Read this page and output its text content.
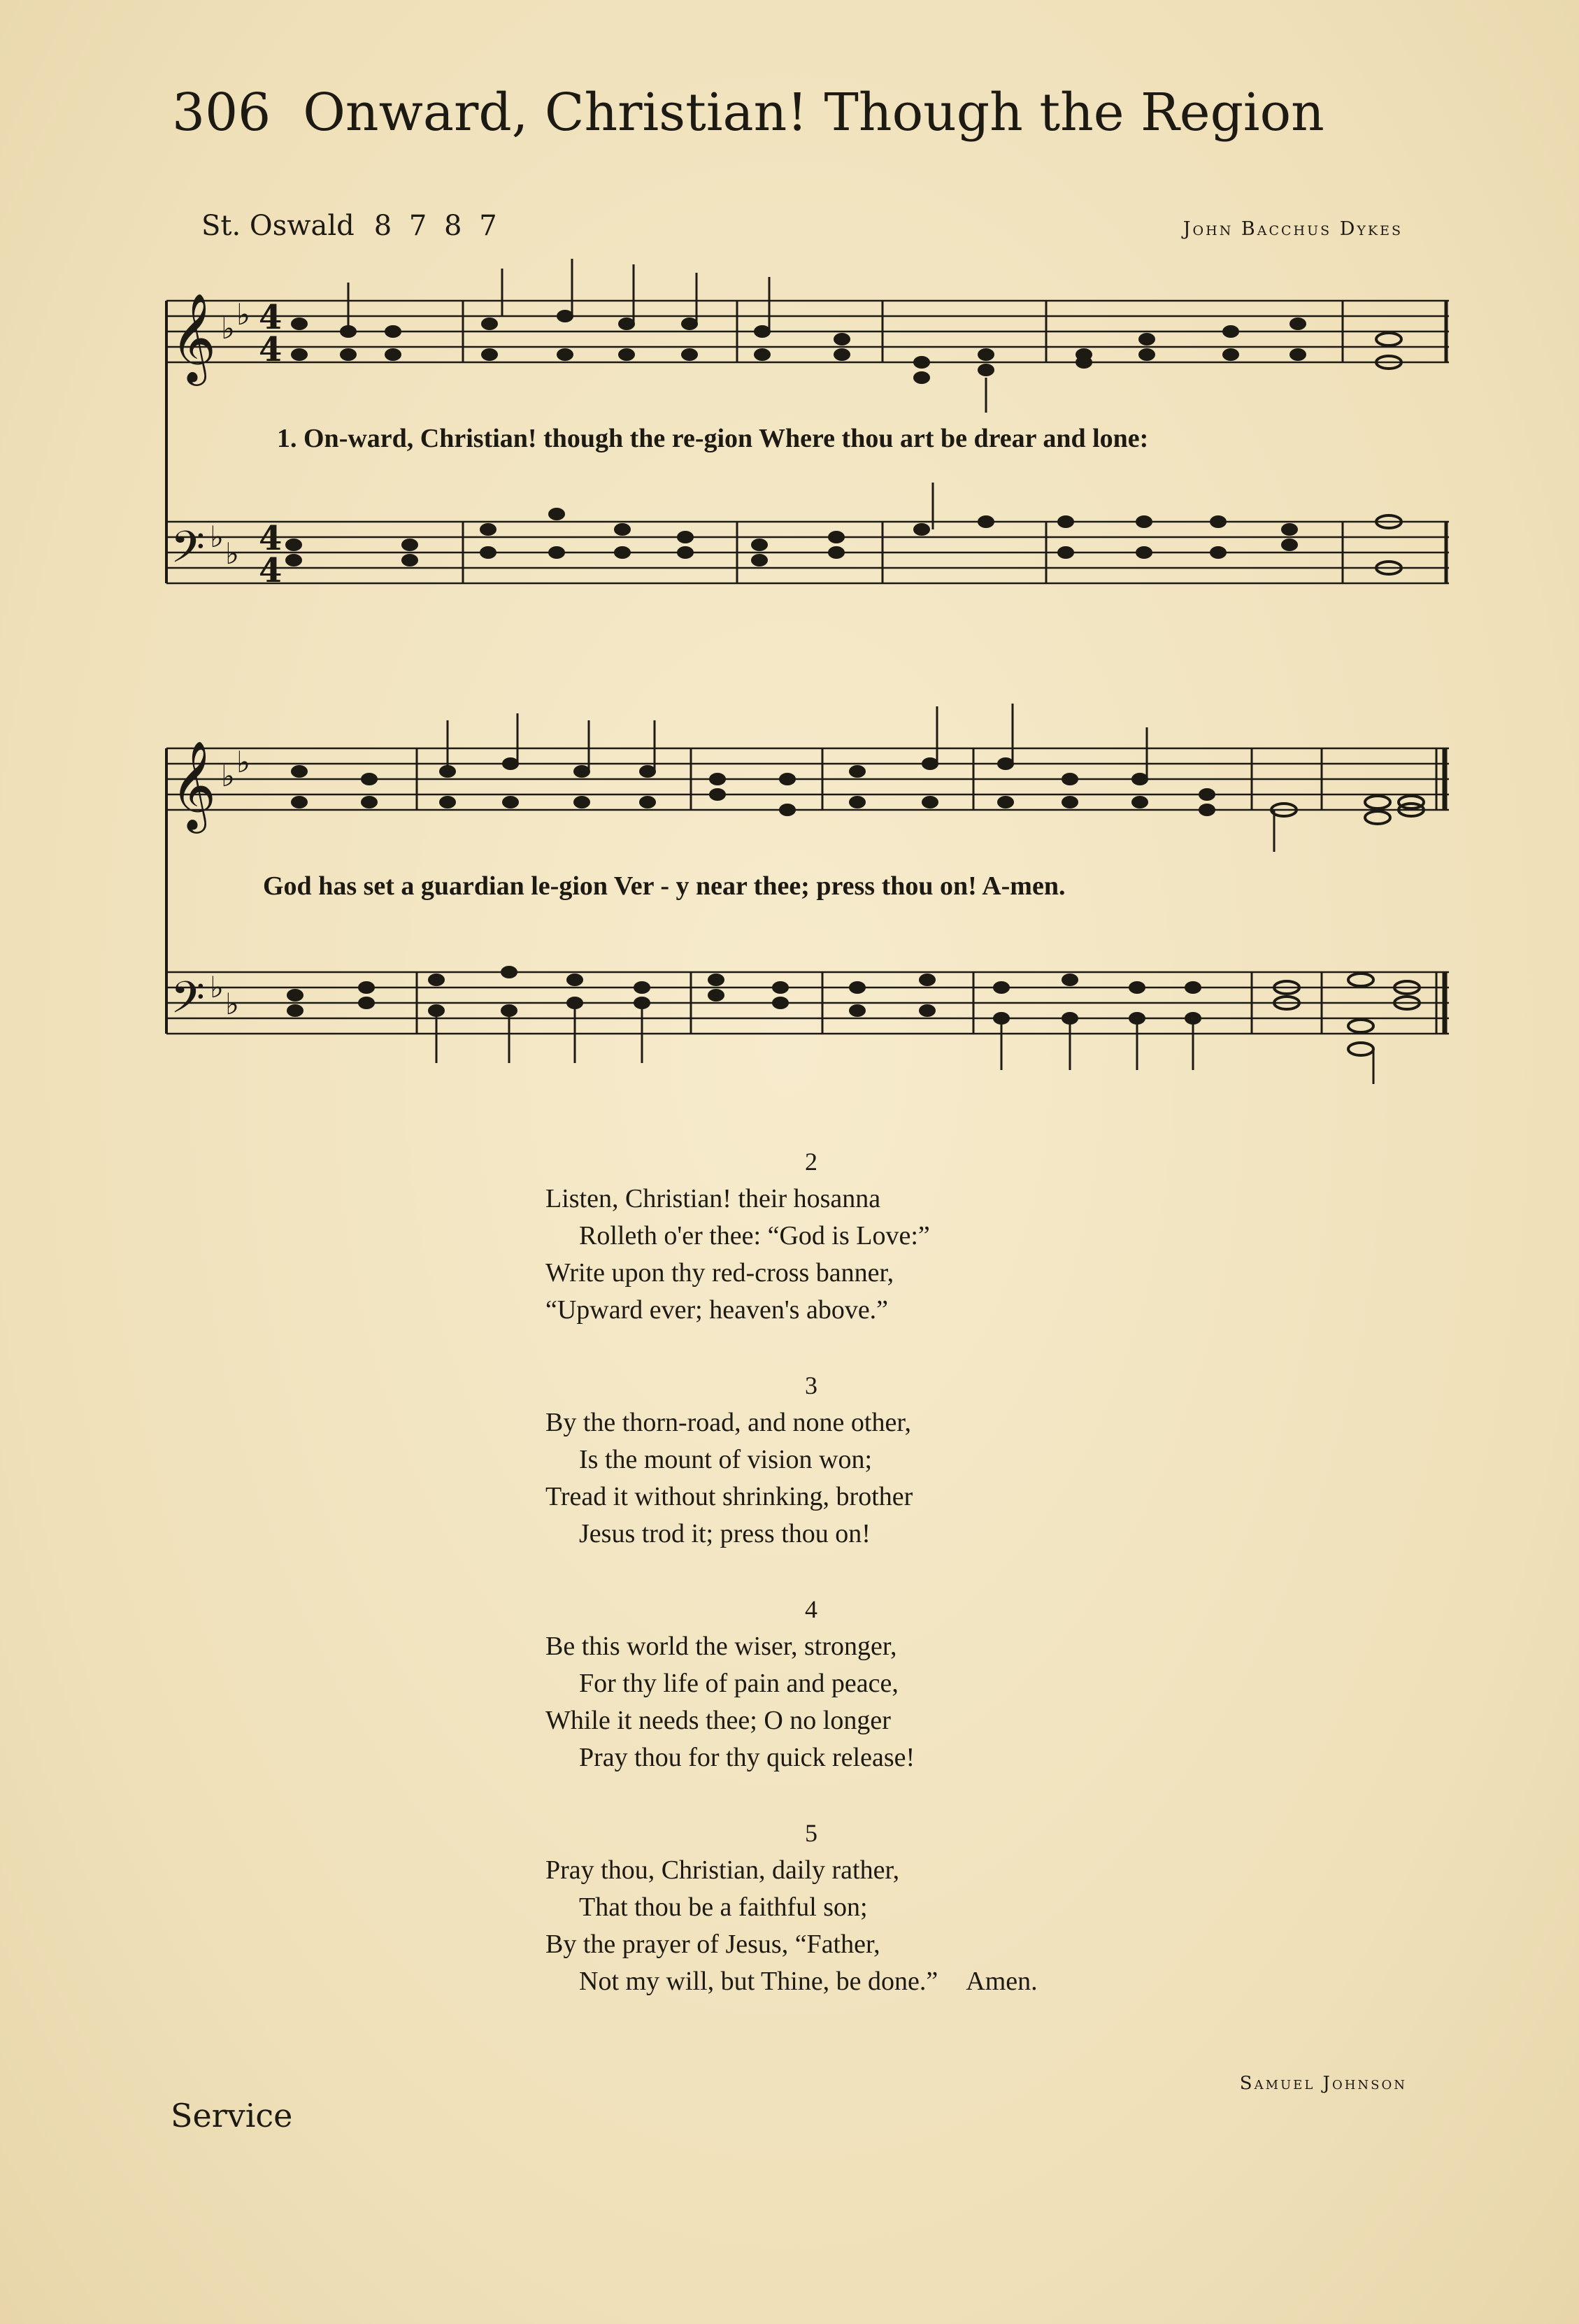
306 Onward, Christian! Though the Region
St. Oswald 8 7 8 7	John Bacchus Dykes
𝄞
𝄢
♭ ♭
♭ ♭
4
4
4
4
𝄞
𝄢
♭ ♭
♭ ♭
1. On-ward, Christian! though the re-gion Where thou art be drear and lone:
God has set a guardian le-gion Ver - y near thee; press thou on! A-men.
2
Listen, Christian! their hosanna
Rolleth o'er thee: “God is Love:”
Write upon thy red-cross banner,
“Upward ever; heaven's above.”
3
By the thorn-road, and none other,
Is the mount of vision won;
Tread it without shrinking, brother
Jesus trod it; press thou on!
4
Be this world the wiser, stronger,
For thy life of pain and peace,
While it needs thee; O no longer
Pray thou for thy quick release!
5
Pray thou, Christian, daily rather,
That thou be a faithful son;
By the prayer of Jesus, “Father,
Not my will, but Thine, be done.” Amen.
Samuel Johnson
Service
